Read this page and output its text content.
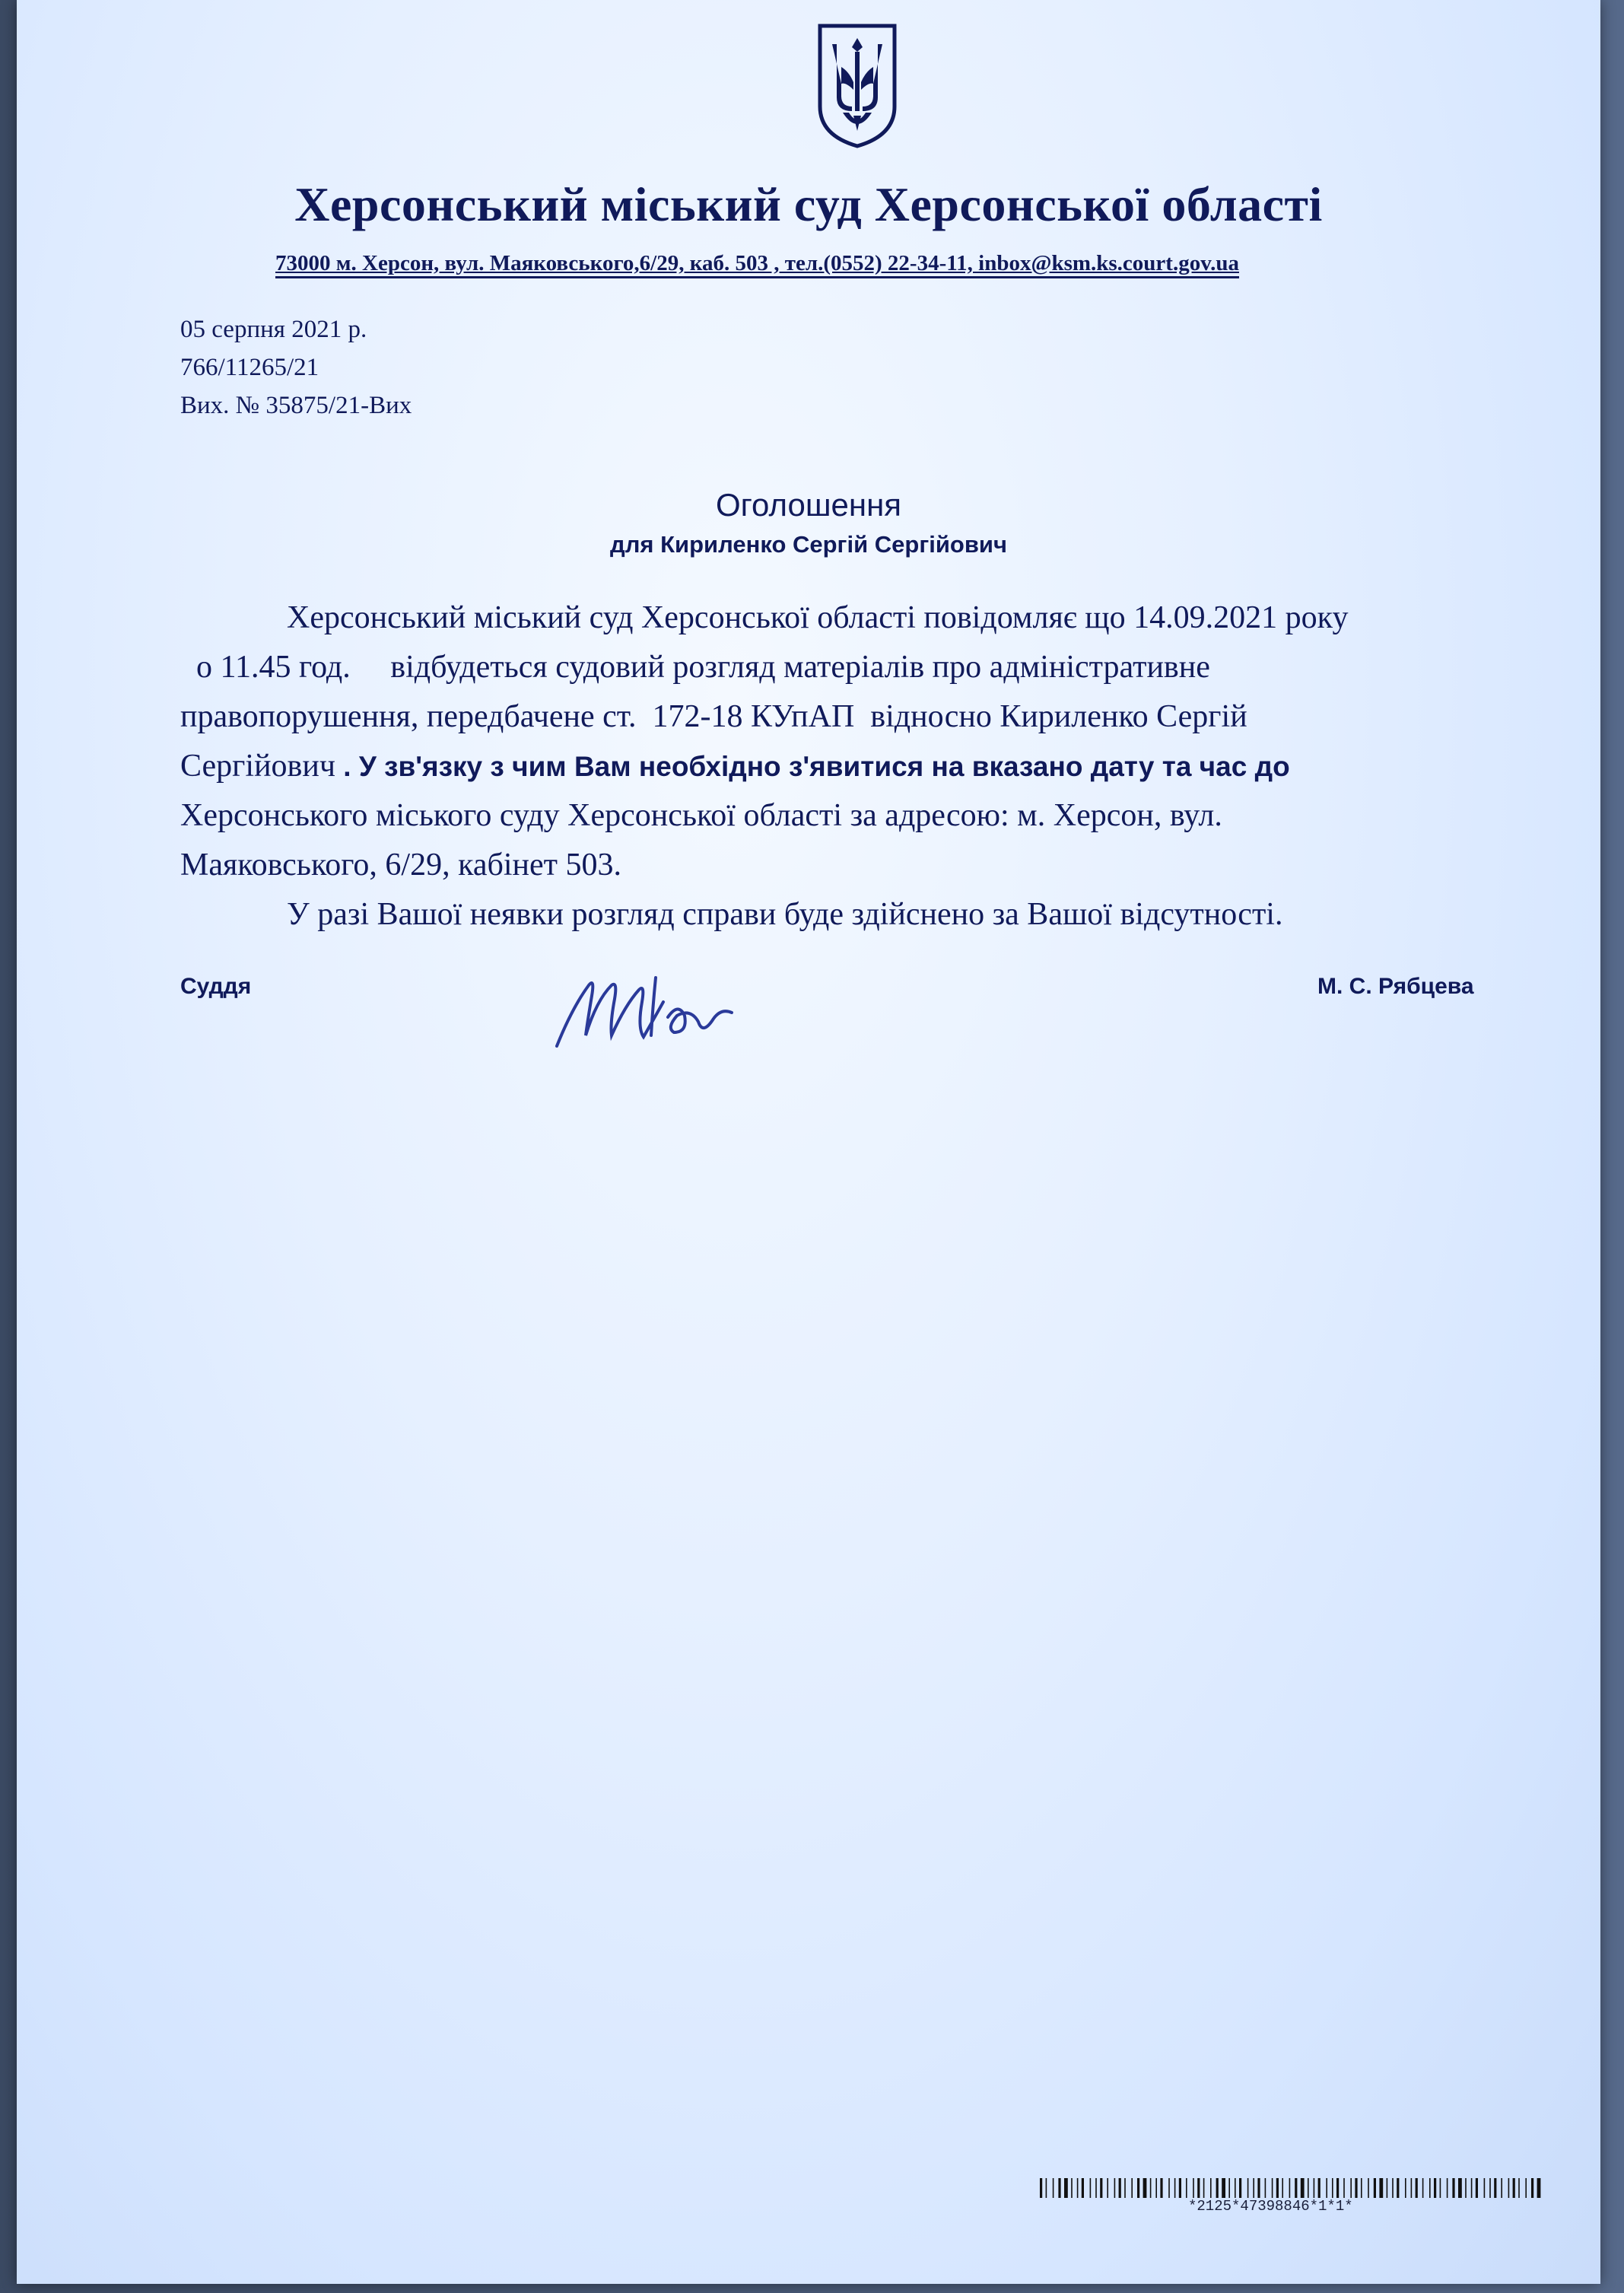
Херсонський міський суд Херсонської області
73000 м. Херсон, вул. Маяковського,6/29, каб. 503 , тел.(0552) 22-34-11, inbox@ksm.ks.court.gov.ua
05 серпня 2021 р.
766/11265/21
Вих. № 35875/21-Вих
Оголошення
для Кириленко Сергій Сергійович
Херсонський міський суд Херсонської області повідомляє що 14.09.2021 року
о 11.45 год.     відбудеться судовий розгляд матеріалів про адміністративне
правопорушення, передбачене ст.  172-18 КУпАП  відносно Кириленко Сергій
Сергійович . У зв'язку з чим Вам необхідно з'явитися на вказано дату та час до
Херсонського міського суду Херсонської області за адресою: м. Херсон, вул.
Маяковського, 6/29, кабінет 503.
У разі Вашої неявки розгляд справи буде здійснено за Вашої відсутності.
Суддя	М. С. Рябцева
*2125*47398846*1*1*
